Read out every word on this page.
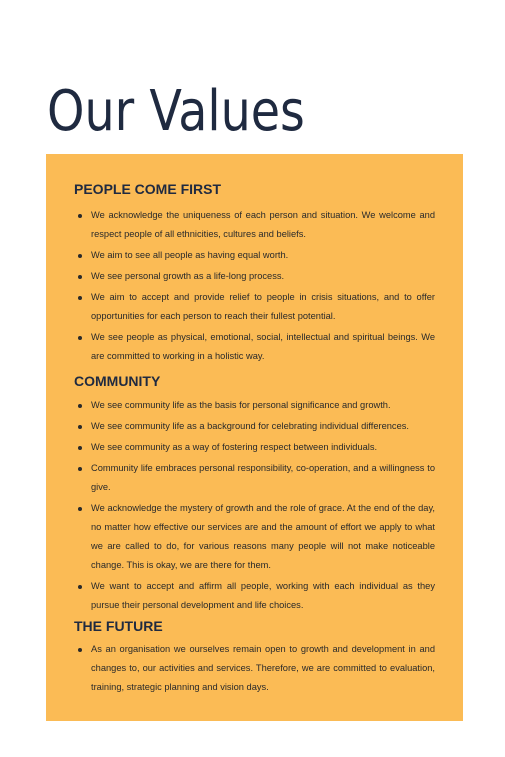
Our Values
PEOPLE COME FIRST
We acknowledge the uniqueness of each person and situation. We welcome and respect people of all ethnicities, cultures and beliefs.
We aim to see all people as having equal worth.
We see personal growth as a life-long process.
We aim to accept and provide relief to people in crisis situations, and to offer opportunities for each person to reach their fullest potential.
We see people as physical, emotional, social, intellectual and spiritual beings. We are committed to working in a holistic way.
COMMUNITY
We see community life as the basis for personal significance and growth.
We see community life as a background for celebrating individual differences.
We see community as a way of fostering respect between individuals.
Community life embraces personal responsibility, co-operation, and a willingness to give.
We acknowledge the mystery of growth and the role of grace. At the end of the day, no matter how effective our services are and the amount of effort we apply to what we are called to do, for various reasons many people will not make noticeable change. This is okay, we are there for them.
We want to accept and affirm all people, working with each individual as they pursue their personal development and life choices.
THE FUTURE
As an organisation we ourselves remain open to growth and development in and changes to, our activities and services. Therefore, we are committed to evaluation, training, strategic planning and vision days.
